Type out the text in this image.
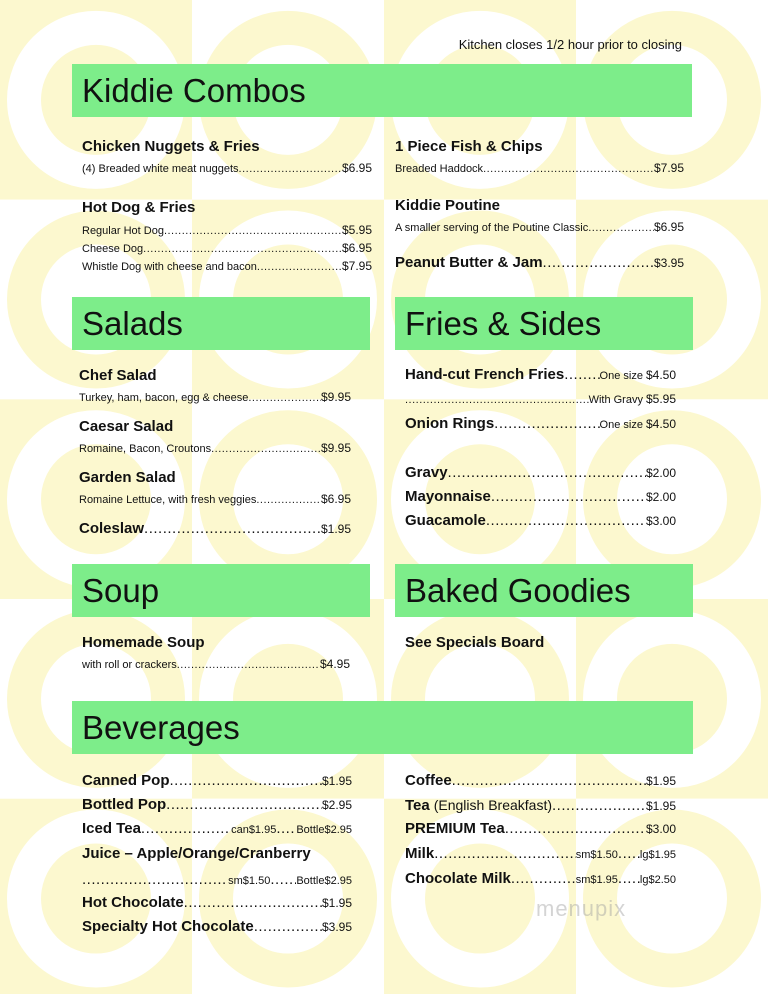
Kitchen closes 1/2 hour prior to closing
Kiddie Combos
Chicken Nuggets & Fries
(4) Breaded white meat nuggets .....	$6.95
Hot Dog & Fries
Regular Hot Dog .....	$5.95
Cheese Dog .....	$6.95
Whistle Dog with cheese and bacon .....	$7.95
1 Piece Fish & Chips
Breaded Haddock .....	$7.95
Kiddie Poutine
A smaller serving of the Poutine Classic .....	$6.95
Peanut Butter & Jam .....	$3.95
Salads
Chef Salad
Turkey, ham, bacon, egg & cheese .....	$9.95
Caesar Salad
Romaine, Bacon, Croutons .....	$9.95
Garden Salad
Romaine Lettuce, with fresh veggies .....	$6.95
Coleslaw .....	$1.95
Fries & Sides
Hand-cut French Fries .....	One size $4.50
.....
With Gravy $5.95
Onion Rings .....	One size $4.50
Gravy .....	$2.00
Mayonnaise .....	$2.00
Guacamole .....	$3.00
Soup
Homemade Soup
with roll or crackers .....	$4.95
Baked Goodies
See Specials Board
Beverages
Canned Pop .....	$1.95
Bottled Pop .....	$2.95
Iced Tea .....	can$1.95 ..... Bottle$2.95
Juice – Apple/Orange/Cranberry
.....
sm$1.50 ..... Bottle$2.95
Hot Chocolate .....	$1.95
Specialty Hot Chocolate .....	$3.95
Coffee .....	$1.95
Tea (English Breakfast) .....	$1.95
PREMIUM Tea .....	$3.00
Milk .....	sm$1.50 ..... lg$1.95
Chocolate Milk .....	sm$1.95 ..... lg$2.50
menupix
